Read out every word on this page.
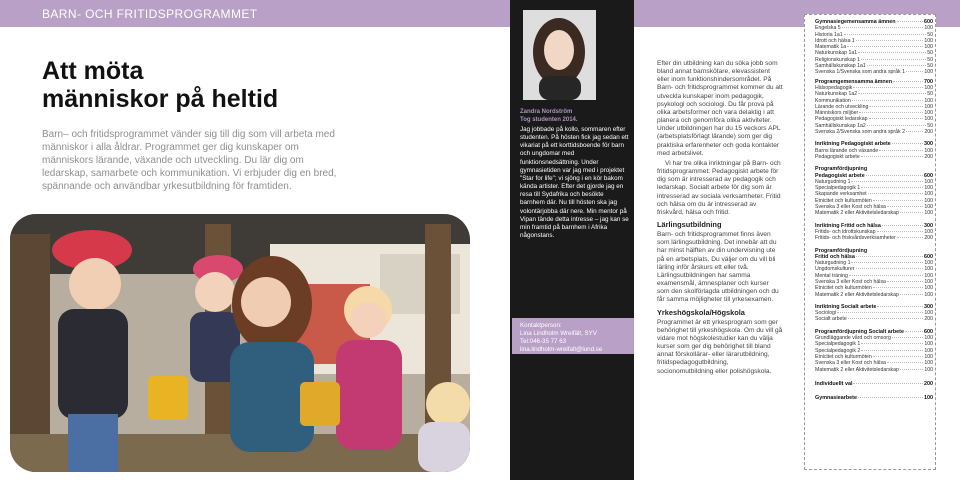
BARN- OCH FRITIDSPROGRAMMET
Att möta
människor på heltid
Barn– och fritidsprogrammet vänder sig till dig som vill arbeta med människor i alla åldrar. Programmet ger dig kunskaper om människors lärande, växande och utveckling. Du lär dig om ledarskap, samarbete och kommunikation. Vi erbjuder dig en bred, spännande och användbar yrkesutbildning för framtiden.
Zandra Nordström
Tog studenten 2014.
Jag jobbade på kollo, sommaren efter studenten. På hösten fick jag sedan ett vikariat på ett korttidsboende för barn och ungdomar med funktionsnedsättning. Under gymnasietiden var jag med i projektet "Star for life"; vi sjöng i en kör bakom kända artister. Efter det gjorde jag en resa till Sydafrika och besökte barnhem där. Nu till hösten ska jag volontärjobba där nere. Min mentor på Vipan tände detta intresse – jag kan se min framtid på barnhem i Afrika någonstans.
Kontaktperson:
Lina Lindholm Wreifält, SYV
Tel:046-35 77 63
lina.lindholm-wreifalt@lund.se

Efter din utbildning kan du söka jobb som bland annat barnskötare, elevassistent eller inom funktionshindersområdet. På Barn- och fritidsprogrammet kommer du att utveckla kunskaper inom pedagogik, psykologi och sociologi. Du får prova på olika arbetsformer och vara delaktig i att planera och genomföra olika aktiviteter. Under utbildningen har du 15 veckors APL (arbetsplatsförlagt lärande) som ger dig praktiska erfarenheter och goda kontakter med arbetslivet.

Vi har tre olika inriktningar på Barn- och fritidsprogrammet: Pedagogiskt arbete för dig som är intresserad av pedagogik och ledarskap. Socialt arbete för dig som är intresserad av sociala verksamheter. Fritid och hälsa om du är intresserad av friskvård, hälsa och fritid.

Lärlingsutbildning

Barn- och fritidsprogrammet finns även som lärlingsutbildning. Det innebär att du har minst hälften av din undervisning ute på en arbetsplats. Du väljer om du vill bli lärling inför årskurs ett eller två. Lärlingsutbildningen har samma examensmål, ämnesplaner och kurser som den skolförlagda utbildningen och du får samma möjligheter till yrkesexamen.

Yrkeshögskola/Högskola

Programmet är ett yrkesprogram som ger behörighet till yrkeshögskola. Om du vill gå vidare mot högskolestudier kan du välja kurser som ger dig behörighet till bland annat förskollärar- eller lärarutbildning, fritidspedagogutbildning, socionomutbildning eller polishögskola.

Gymnasiegemensamma ämnen	600
Engelska 5	100
Historia 1a1	50
Idrott och hälsa 1	100
Matematik 1a	100
Naturkunskap 1a1	50
Religionskunskap 1	50
Samhällskunskap 1a1	50
Svenska 1/Svenska som andra språk 1	100
Programgemensamma ämnen	700
Hälsopedagogik	100
Naturkunskap 1a2	50
Kommunikation	100
Lärande och utveckling	100
Människors miljöer	100
Pedagogiskt ledarskap	100
Samhällskunskap 1a2	50
Svenska 2/Svenska som andra språk 2	200
Inriktning Pedagogiskt arbete	300
Barns lärande och växande	100
Pedagogiskt arbete	200
Programfördjupning
Pedagogiskt arbete	600
Naturgudning 1	100
Specialpedagogik 1	100
Skapande verksamhet	100
Etnicitet och kulturmöten	100
Svenska 3 eller Kost och hälsa	100
Matematik 2 eller Aktivitetsledarskap	100
Inriktning Fritid och hälsa	300
Fritids- och idrottskunskap	100
Fritids- och friskvårdsverksamheter	200
Programfördjupning
Fritid och hälsa	600
Naturgudning 1	100
Ungdomskulturer	100
Mental träning	100
Svenska 3 eller Kost och hälsa	100
Etnicitet och kulturmöten	100
Matematik 2 eller Aktivitetsledarskap	100
Inriktning Socialt arbete	300
Sociologi	100
Socialt arbete	200
Programfördjupning Socialt arbete	600
Grundläggande vård och omsorg	100
Specialpedagogik 1	100
Specialpedagogik 2	100
Etnicitet och kulturmöten	100
Svenska 3 eller Kost och hälsa	100
Matematik 2 eller Aktivitetsledarskap	100
Individuellt val	200
Gymnasiearbete	100
